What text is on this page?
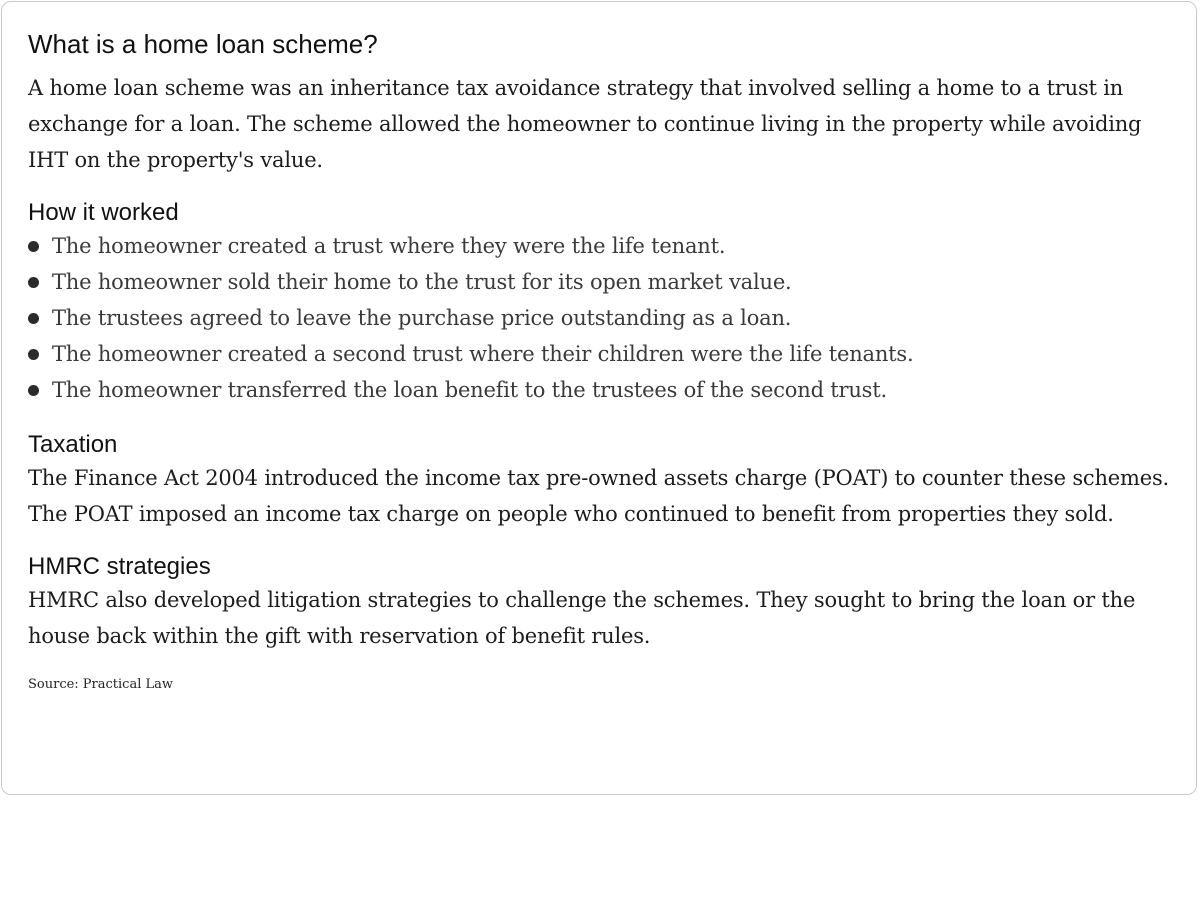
What is a home loan scheme?

A home loan scheme was an inheritance tax avoidance strategy that involved selling a home to a trust in exchange for a loan. The scheme allowed the homeowner to continue living in the property while avoiding IHT on the property's value.

How it worked
The homeowner created a trust where they were the life tenant.
The homeowner sold their home to the trust for its open market value.
The trustees agreed to leave the purchase price outstanding as a loan.
The homeowner created a second trust where their children were the life tenants.
The homeowner transferred the loan benefit to the trustees of the second trust.
Taxation

The Finance Act 2004 introduced the income tax pre-owned assets charge (POAT) to counter these schemes. The POAT imposed an income tax charge on people who continued to benefit from properties they sold.

HMRC strategies

HMRC also developed litigation strategies to challenge the schemes. They sought to bring the loan or the house back within the gift with reservation of benefit rules.

Source: Practical Law
